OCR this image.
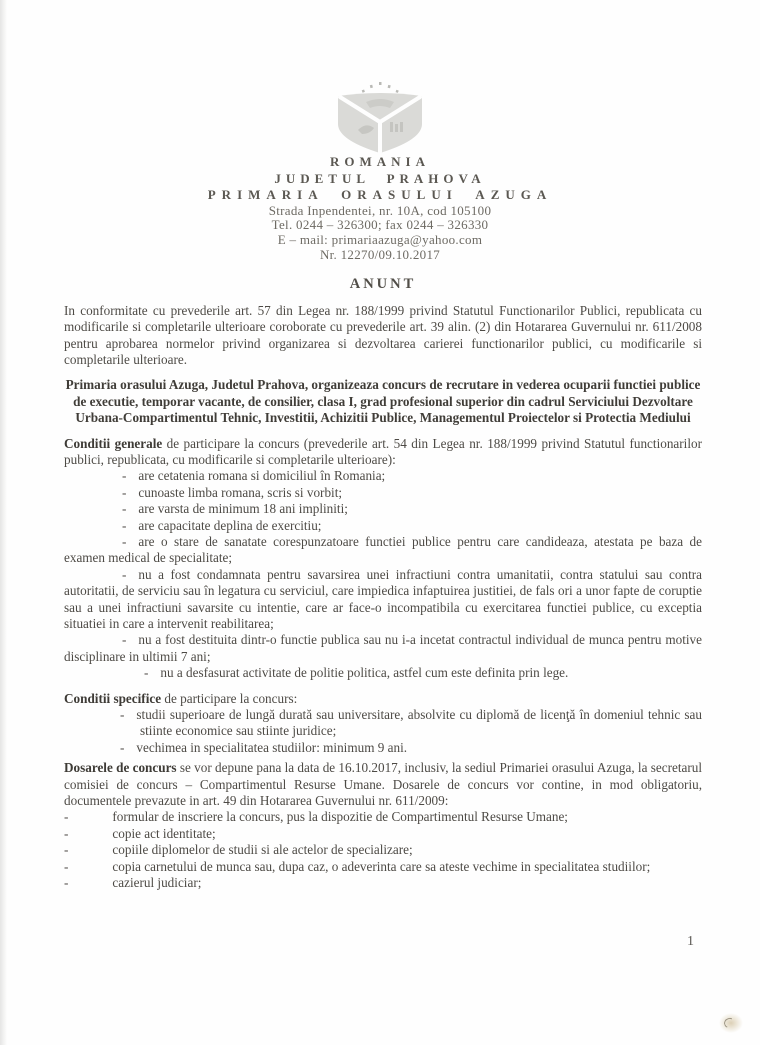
ROMANIA
JUDETUL PRAHOVA
PRIMARIA ORASULUI AZUGA
Strada Inpendentei, nr. 10A, cod 105100
Tel. 0244 – 326300; fax 0244 – 326330
E – mail: primariaazuga@yahoo.com
Nr. 12270/09.10.2017
ANUNT

In conformitate cu prevederile art. 57 din Legea nr. 188/1999 privind Statutul Functionarilor Publici, republicata cu modificarile si completarile ulterioare coroborate cu prevederile art. 39 alin. (2) din Hotararea Guvernului nr. 611/2008 pentru aprobarea normelor privind organizarea si dezvoltarea carierei functionarilor publici, cu modificarile si completarile ulterioare.

Primaria orasului Azuga, Judetul Prahova, organizeaza concurs de recrutare in vederea ocuparii functiei publice de executie, temporar vacante, de consilier, clasa I, grad profesional superior din cadrul Serviciului Dezvoltare Urbana-Compartimentul Tehnic, Investitii, Achizitii Publice, Managementul Proiectelor si Protectia Mediului

Conditii generale de participare la concurs (prevederile art. 54 din Legea nr. 188/1999 privind Statutul functionarilor publici, republicata, cu modificarile si completarile ulterioare):

- are cetatenia romana si domiciliul în Romania;

- cunoaste limba romana, scris si vorbit;

- are varsta de minimum 18 ani impliniti;

- are capacitate deplina de exercitiu;

- are o stare de sanatate corespunzatoare functiei publice pentru care candideaza, atestata pe baza de examen medical de specialitate;

- nu a fost condamnata pentru savarsirea unei infractiuni contra umanitatii, contra statului sau contra autoritatii, de serviciu sau în legatura cu serviciul, care impiedica infaptuirea justitiei, de fals ori a unor fapte de coruptie sau a unei infractiuni savarsite cu intentie, care ar face-o incompatibila cu exercitarea functiei publice, cu exceptia situatiei in care a intervenit reabilitarea;

- nu a fost destituita dintr-o functie publica sau nu i-a incetat contractul individual de munca pentru motive disciplinare in ultimii 7 ani;

- nu a desfasurat activitate de politie politica, astfel cum este definita prin lege.

Conditii specifice de participare la concurs:

- studii superioare de lungă durată sau universitare, absolvite cu diplomă de licenţă în domeniul tehnic sau stiinte economice sau stiinte juridice;

- vechimea in specialitatea studiilor: minimum 9 ani.

Dosarele de concurs se vor depune pana la data de 16.10.2017, inclusiv, la sediul Primariei orasului Azuga, la secretarul comisiei de concurs – Compartimentul Resurse Umane. Dosarele de concurs vor contine, in mod obligatoriu, documentele prevazute in art. 49 din Hotararea Guvernului nr. 611/2009:

-	formular de inscriere la concurs, pus la dispozitie de Compartimentul Resurse Umane;

-	copie act identitate;

-	copiile diplomelor de studii si ale actelor de specializare;

-	copia carnetului de munca sau, dupa caz, o adeverinta care sa ateste vechime in specialitatea studiilor;

-	cazierul judiciar;

1
